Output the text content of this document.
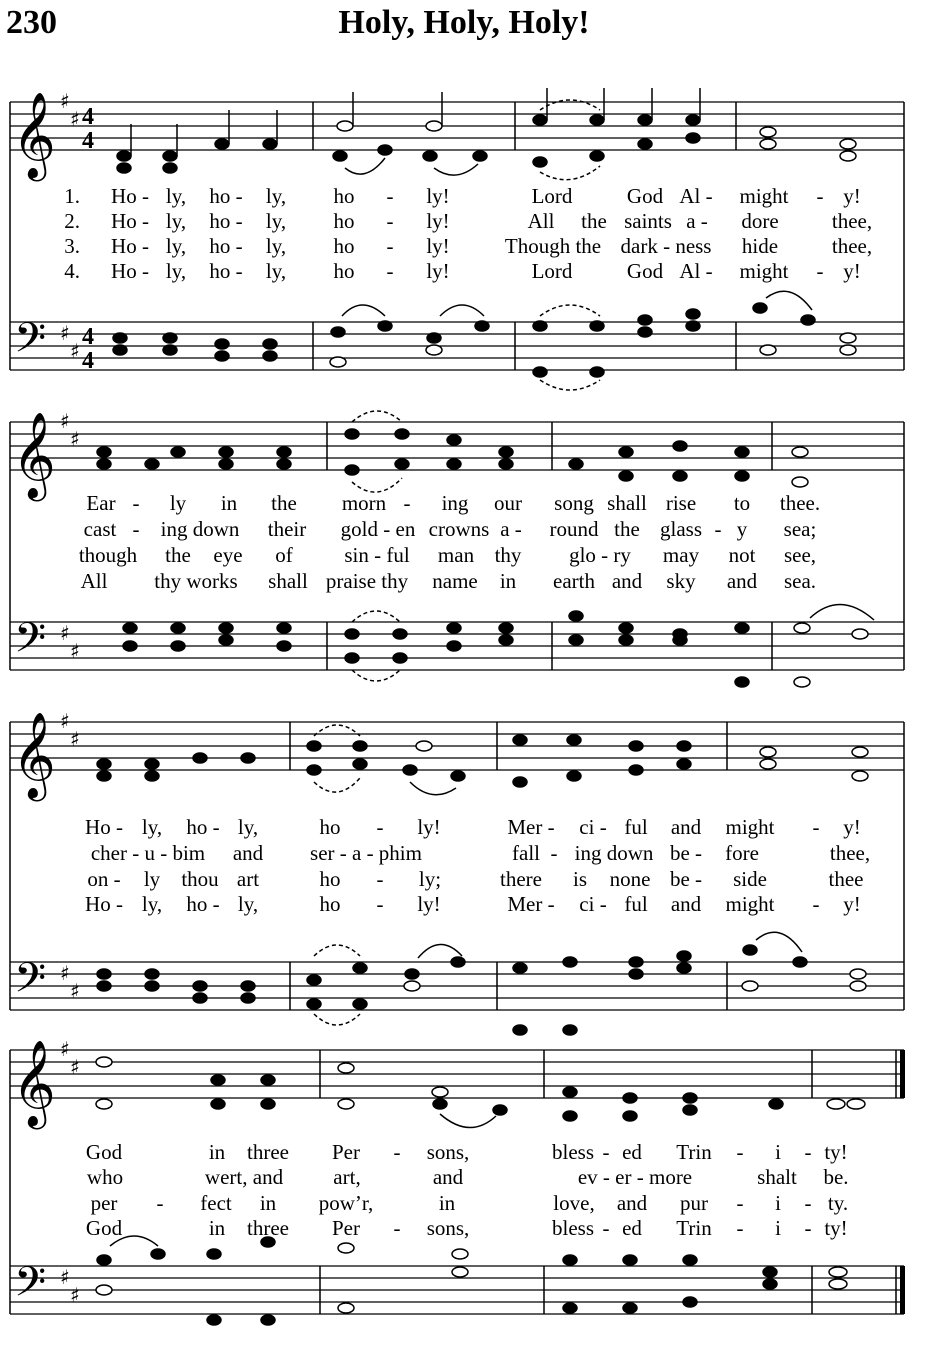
230	Holy, Holy, Holy!
𝄞
𝄢
♯
♯
♯
♯
4
4
4
4
𝄞
𝄢
♯
♯
♯
♯
𝄞
𝄢
♯
♯
♯
♯
𝄞
𝄢
♯
♯
♯
♯
1. Ho - ly, ho - ly, ho - ly!	Lord	God Al - might - y!
2. Ho - ly, ho - ly, ho - ly!	All the saints a - dore	thee,
3. Ho - ly, ho - ly, ho - ly!	Though the dark - ness hide	thee,
4. Ho - ly, ho - ly, ho - ly!	Lord	God Al - might - y!
Ear - ly in the morn - ing our song shall rise to thee.
cast - ing down their gold - en crowns a - round the glass - y sea;
though the eye of sin - ful man thy glo - ry may not see,
All thy works shall praise thy name in earth and sky and sea.
Ho - ly, ho - ly,	ho - ly!	Mer - ci - ful and might - y!
cher - u - bim and ser - a - phim	fall - ing down be - fore	thee,
on - ly thou art	ho - ly;	there is none be - side	thee
Ho - ly, ho - ly,	ho - ly!	Mer - ci - ful and might - y!
God	in three Per - sons,	bless - ed Trin - i - ty!
who	wert, and art,	and	ev - er - more	shalt be.
per - fect in pow’r,	in	love, and pur - i - ty.
God	in three Per - sons,	bless - ed Trin - i - ty!
